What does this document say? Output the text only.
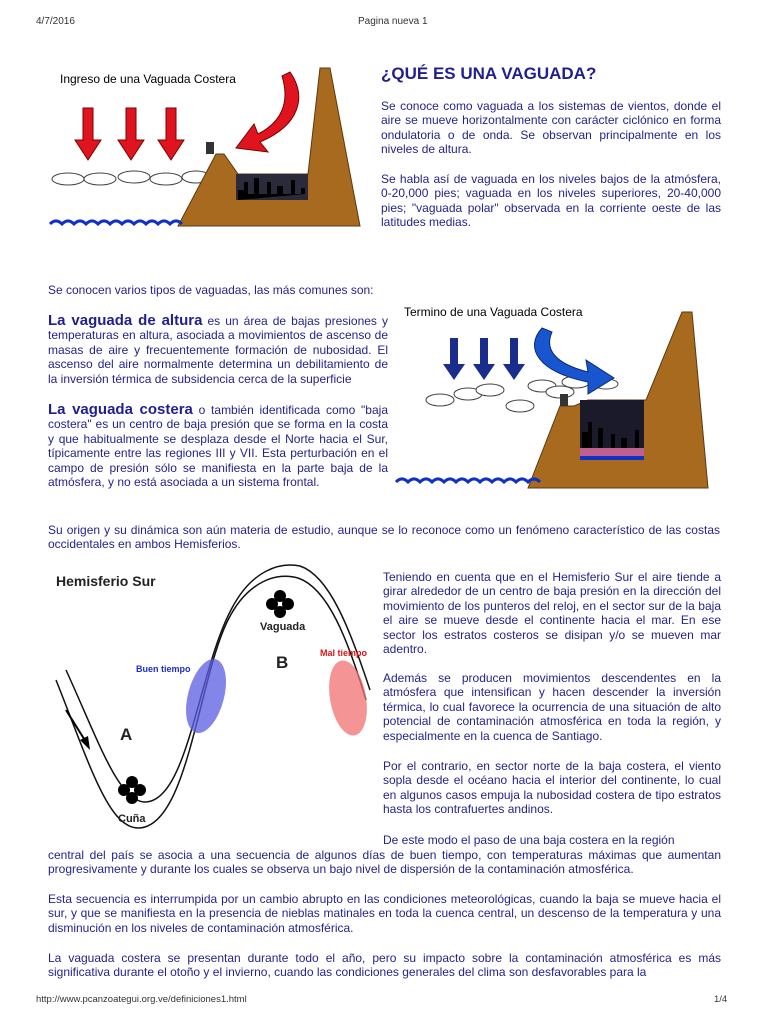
4/7/2016	Pagina nueva 1
Ingreso de una Vaguada Costera	¿QUÉ ES UNA VAGUADA?

Se conoce como vaguada a los sistemas de vientos, donde el aire se mueve horizontalmente con carácter ciclónico en forma ondulatoria o de onda. Se observan principalmente en los niveles de altura.

Se habla así de vaguada en los niveles bajos de la atmósfera, 0-20,000 pies; vaguada en los niveles superiores, 20-40,000 pies; "vaguada polar" observada en la corriente oeste de las latitudes medias.

Se conocen varios tipos de vaguadas, las más comunes son:

Termino de una Vaguada Costera

La vaguada de altura es un área de bajas presiones y temperaturas en altura, asociada a movimientos de ascenso de masas de aire y frecuentemente formación de nubosidad. El ascenso del aire normalmente determina un debilitamiento de la inversión térmica de subsidencia cerca de la superficie

La vaguada costera o también identificada como "baja costera" es un centro de baja presión que se forma en la costa y que habitualmente se desplaza desde el Norte hacia el Sur, típicamente entre las regiones III y VII. Esta perturbación en el campo de presión sólo se manifiesta en la parte baja de la atmósfera, y no está asociada a un sistema frontal.

Su origen y su dinámica son aún materia de estudio, aunque se lo reconoce como un fenómeno característico de las costas occidentales en ambos Hemisferios.

Hemisferio Sur
Vaguada
B
Buen tiempo
Mal tiempo
A
Cuña

Teniendo en cuenta que en el Hemisferio Sur el aire tiende a girar alrededor de un centro de baja presión en la dirección del movimiento de los punteros del reloj, en el sector sur de la baja el aire se mueve desde el continente hacia el mar. En ese sector los estratos costeros se disipan y/o se mueven mar adentro.

Además se producen movimientos descendentes en la atmósfera que intensifican y hacen descender la inversión térmica, lo cual favorece la ocurrencia de una situación de alto potencial de contaminación atmosférica en toda la región, y especialmente en la cuenca de Santiago.

Por el contrario, en sector norte de la baja costera, el viento sopla desde el océano hacia el interior del continente, lo cual en algunos casos empuja la nubosidad costera de tipo estratos hasta los contrafuertes andinos.

De este modo el paso de una baja costera en la región

central del país se asocia a una secuencia de algunos días de buen tiempo, con temperaturas máximas que aumentan progresivamente y durante los cuales se observa un bajo nivel de dispersión de la contaminación atmosférica.

Esta secuencia es interrumpida por un cambio abrupto en las condiciones meteorológicas, cuando la baja se mueve hacia el sur, y que se manifiesta en la presencia de nieblas matinales en toda la cuenca central, un descenso de la temperatura y una disminución en los niveles de contaminación atmosférica.

La vaguada costera se presentan durante todo el año, pero su impacto sobre la contaminación atmosférica es más significativa durante el otoño y el invierno, cuando las condiciones generales del clima son desfavorables para la

http://www.pcanzoategui.org.ve/definiciones1.html	1/4
